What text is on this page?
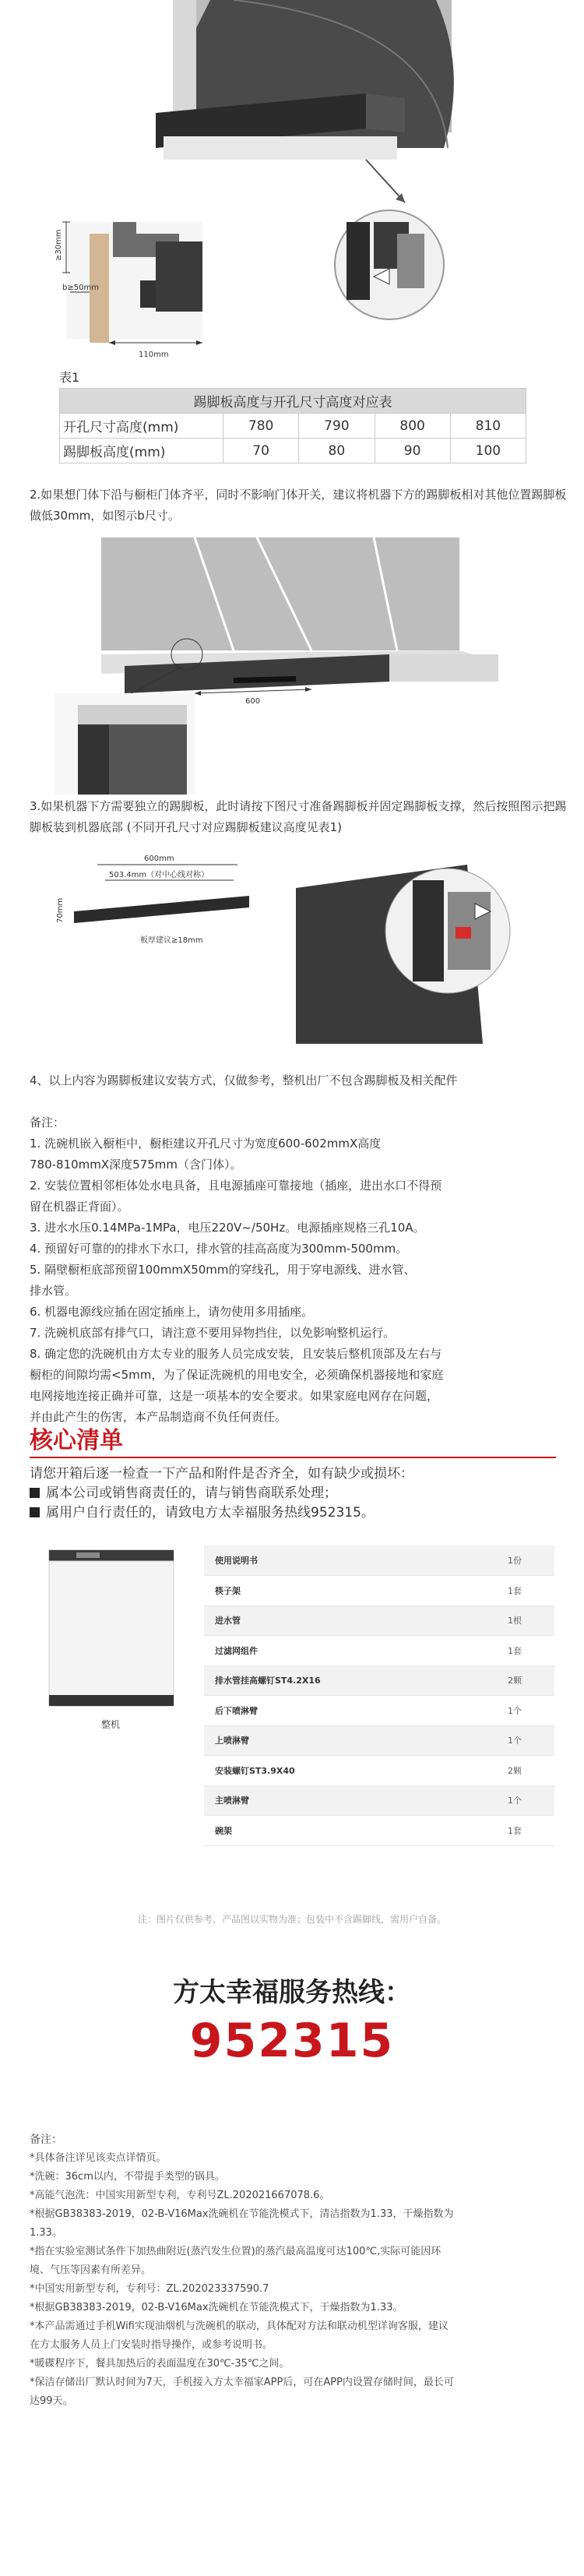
≥30mm
b≥50mm
110mm
表1
踢脚板高度与开孔尺寸高度对应表				
开孔尺寸高度(mm)	780	790	800	810
踢脚板高度(mm)	70	80	90	100
2.如果想门体下沿与橱柜门体齐平，同时不影响门体开关，建议将机器下方的踢脚板相对其他位置踢脚板做低30mm，如图示b尺寸。
600
3.如果机器下方需要独立的踢脚板，此时请按下图尺寸准备踢脚板并固定踢脚板支撑，然后按照图示把踢脚板装到机器底部 (不同开孔尺寸对应踢脚板建议高度见表1)
600mm
503.4mm（对中心线对称）
70mm
板厚建议≥18mm
4、以上内容为踢脚板建议安装方式，仅做参考，整机出厂不包含踢脚板及相关配件
备注：
1. 洗碗机嵌入橱柜中，橱柜建议开孔尺寸为宽度600-602mmX高度
780-810mmX深度575mm（含门体）。
2. 安装位置相邻柜体处水电具备，且电源插座可靠接地（插座，进出水口不得预
留在机器正背面）。
3. 进水水压0.14MPa-1MPa，电压220V~/50Hz。电源插座规格三孔10A。
4. 预留好可靠的的排水下水口，排水管的挂高高度为300mm-500mm。
5. 隔壁橱柜底部预留100mmX50mm的穿线孔，用于穿电源线、进水管、
排水管。
6. 机器电源线应插在固定插座上，请勿使用多用插座。
7. 洗碗机底部有排气口，请注意不要用异物挡住，以免影响整机运行。
8. 确定您的洗碗机由方太专业的服务人员完成安装，且安装后整机顶部及左右与
橱柜的间隙均需<5mm，为了保证洗碗机的用电安全，必须确保机器接地和家庭
电网接地连接正确并可靠，这是一项基本的安全要求。如果家庭电网存在问题，
并由此产生的伤害，本产品制造商不负任何责任。
核心清单
请您开箱后逐一检查一下产品和附件是否齐全，如有缺少或损坏：
属本公司或销售商责任的，请与销售商联系处理；
属用户自行责任的，请致电方太幸福服务热线952315。
整机
使用说明书	1份
筷子架	1套
进水管	1根
过滤网组件	1套
排水管挂高螺钉ST4.2X16	2颗
后下喷淋臂	1个
上喷淋臂	1个
安装螺钉ST3.9X40	2颗
主喷淋臂	1个
碗架	1套
注：图片仅供参考，产品图以实物为准；包装中不含踢脚线，需用户自备。
方太幸福服务热线：
952315
备注：
*具体备注详见该卖点详情页。
*洗碗：36cm以内，不带提手类型的锅具。
*高能气泡洗：中国实用新型专利，专利号ZL.202021667078.6。
*根据GB38383-2019，02-B-V16Max洗碗机在节能洗模式下，清洁指数为1.33，干燥指数为
1.33。
*指在实验室测试条件下加热曲附近(蒸汽发生位置)的蒸汽最高温度可达100℃,实际可能因环
境、气压等因素有所差异。
*中国实用新型专利，专利号：ZL.202023337590.7
*根据GB38383-2019，02-B-V16Max洗碗机在节能洗模式下，干燥指数为1.33。
*本产品需通过手机Wifi实现油烟机与洗碗机的联动，具体配对方法和联动机型详询客服，建议
在方太服务人员上门安装时指导操作，或参考说明书。
*暖碟程序下，餐具加热后的表面温度在30℃-35℃之间。
*保洁存储出厂默认时间为7天，手机接入方太幸福家APP后，可在APP内设置存储时间，最长可
达99天。
